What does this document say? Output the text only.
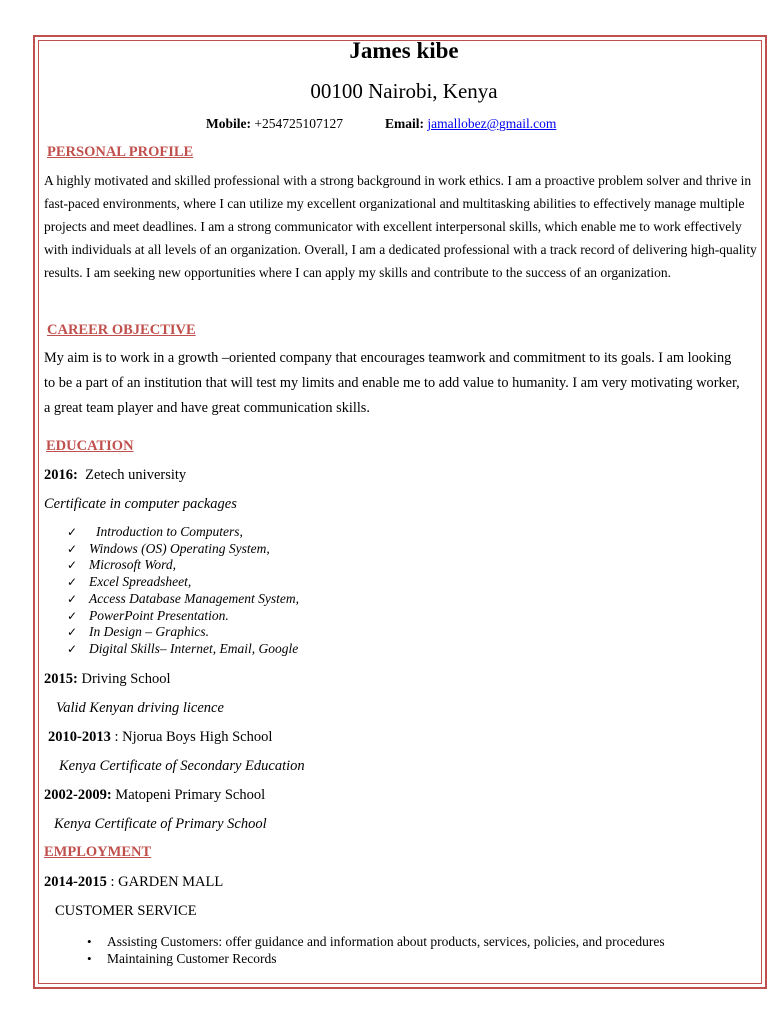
James kibe
00100 Nairobi, Kenya
Mobile: +254725107127	Email: jamallobez@gmail.com
PERSONAL PROFILE
A highly motivated and skilled professional with a strong background in work ethics. I am a proactive problem solver and thrive in fast-paced environments, where I can utilize my excellent organizational and multitasking abilities to effectively manage multiple projects and meet deadlines. I am a strong communicator with excellent interpersonal skills, which enable me to work effectively with individuals at all levels of an organization. Overall, I am a dedicated professional with a track record of delivering high-quality results. I am seeking new opportunities where I can apply my skills and contribute to the success of an organization.
CAREER OBJECTIVE
My aim is to work in a growth –oriented company that encourages teamwork and commitment to its goals. I am looking to be a part of an institution that will test my limits and enable me to add value to humanity. I am very motivating worker, a great team player and have great communication skills.
EDUCATION
2016:  Zetech university
Certificate in computer packages
✓ Introduction to Computers,
✓ Windows (OS) Operating System,
✓ Microsoft Word,
✓ Excel Spreadsheet,
✓ Access Database Management System,
✓ PowerPoint Presentation.
✓ In Design – Graphics.
✓ Digital Skills– Internet, Email, Google
2015: Driving School
Valid Kenyan driving licence
2010-2013 : Njorua Boys High School
Kenya Certificate of Secondary Education
2002-2009: Matopeni Primary School
Kenya Certificate of Primary School
EMPLOYMENT
2014-2015 : GARDEN MALL
CUSTOMER SERVICE
• Assisting Customers: offer guidance and information about products, services, policies, and procedures
• Maintaining Customer Records
